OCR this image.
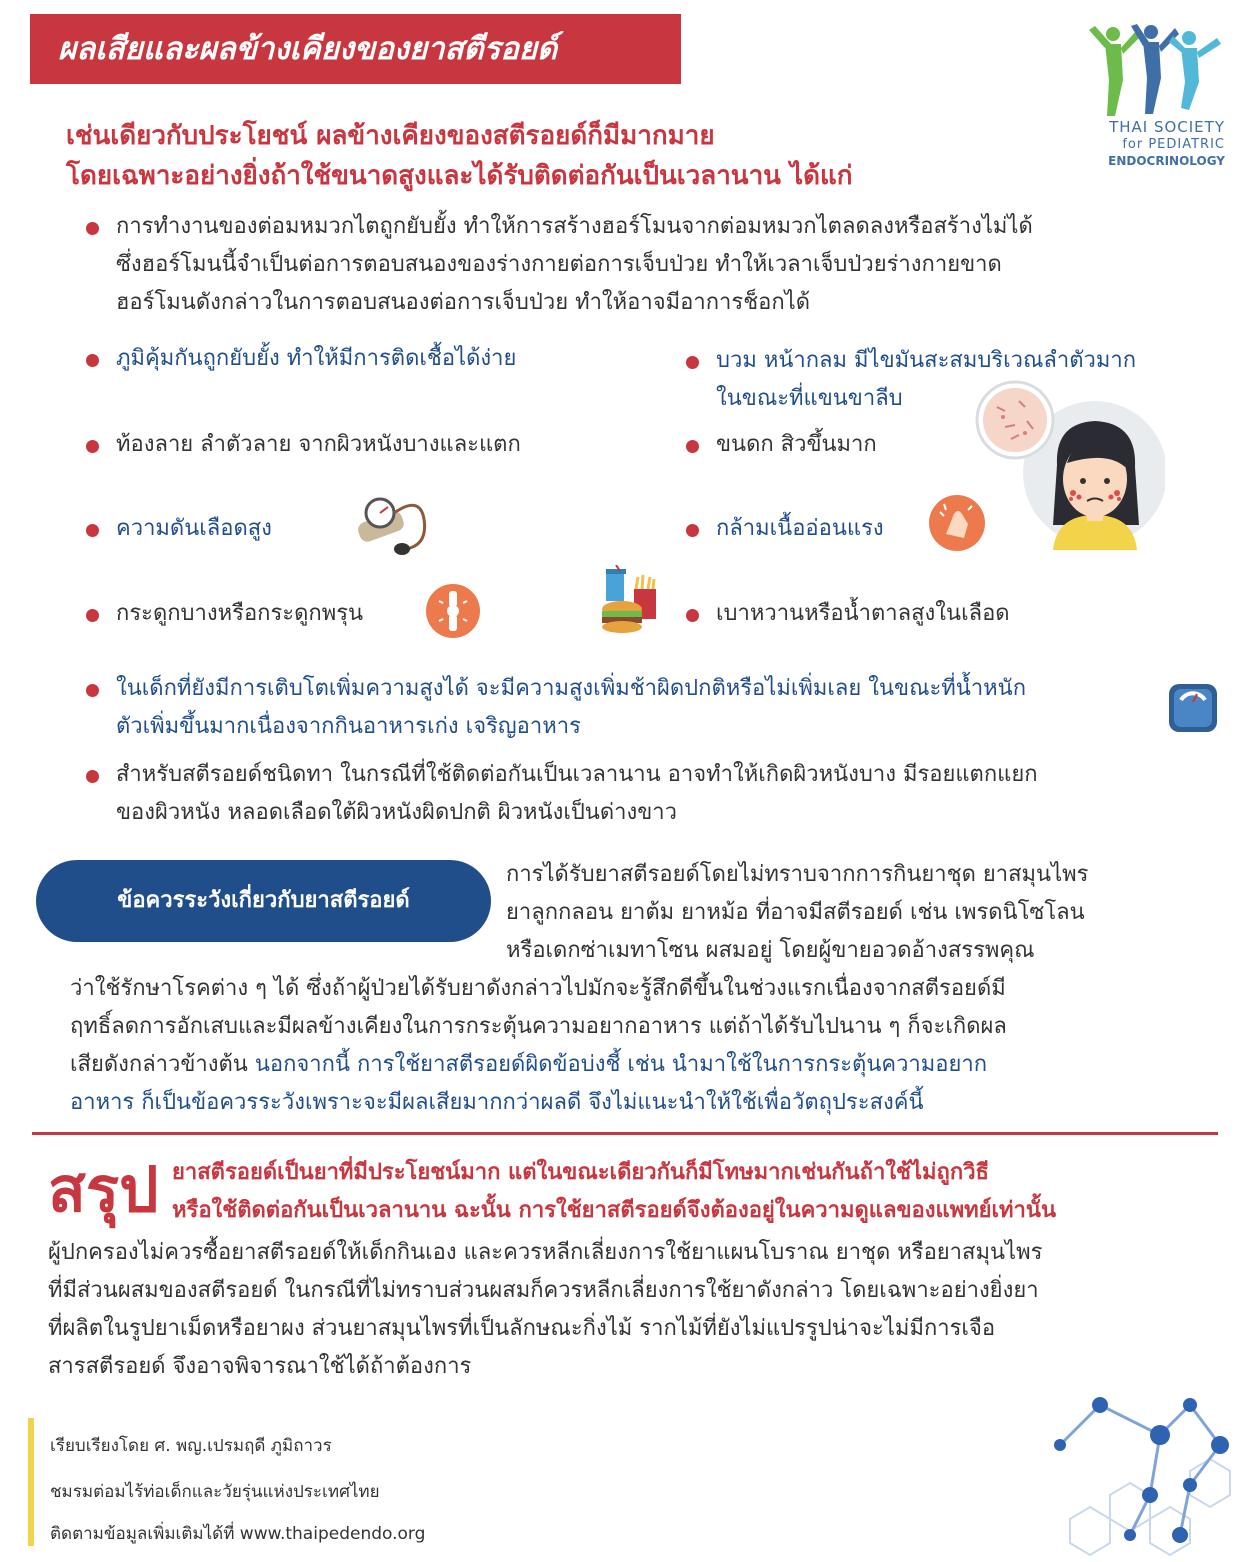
ผลเสียและผลข้างเคียงของยาสตีรอยด์
THAI SOCIETY
for PEDIATRIC
ENDOCRINOLOGY
เช่นเดียวกับประโยชน์ ผลข้างเคียงของสตีรอยด์ก็มีมากมาย
โดยเฉพาะอย่างยิ่งถ้าใช้ขนาดสูงและได้รับติดต่อกันเป็นเวลานาน ได้แก่
การทำงานของต่อมหมวกไตถูกยับยั้ง ทำให้การสร้างฮอร์โมนจากต่อมหมวกไตลดลงหรือสร้างไม่ได้
ซึ่งฮอร์โมนนี้จำเป็นต่อการตอบสนองของร่างกายต่อการเจ็บป่วย ทำให้เวลาเจ็บป่วยร่างกายขาด
ฮอร์โมนดังกล่าวในการตอบสนองต่อการเจ็บป่วย ทำให้อาจมีอาการช็อกได้
ภูมิคุ้มกันถูกยับยั้ง ทำให้มีการติดเชื้อได้ง่าย	บวม หน้ากลม มีไขมันสะสมบริเวณลำตัวมาก
ในขณะที่แขนขาลีบ
ท้องลาย ลำตัวลาย จากผิวหนังบางและแตก	ขนดก สิวขึ้นมาก
ความดันเลือดสูง	กล้ามเนื้ออ่อนแรง
กระดูกบางหรือกระดูกพรุน	เบาหวานหรือน้ำตาลสูงในเลือด
ในเด็กที่ยังมีการเติบโตเพิ่มความสูงได้ จะมีความสูงเพิ่มช้าผิดปกติหรือไม่เพิ่มเลย ในขณะที่น้ำหนัก
ตัวเพิ่มขึ้นมากเนื่องจากกินอาหารเก่ง เจริญอาหาร
สำหรับสตีรอยด์ชนิดทา ในกรณีที่ใช้ติดต่อกันเป็นเวลานาน อาจทำให้เกิดผิวหนังบาง มีรอยแตกแยก
ของผิวหนัง หลอดเลือดใต้ผิวหนังผิดปกติ ผิวหนังเป็นด่างขาว
ข้อควรระวังเกี่ยวกับยาสตีรอยด์
การได้รับยาสตีรอยด์โดยไม่ทราบจากการกินยาชุด ยาสมุนไพร
ยาลูกกลอน ยาต้ม ยาหม้อ ที่อาจมีสตีรอยด์ เช่น เพรดนิโซโลน
หรือเดกซ่าเมทาโซน ผสมอยู่ โดยผู้ขายอวดอ้างสรรพคุณ
ว่าใช้รักษาโรคต่าง ๆ ได้ ซึ่งถ้าผู้ป่วยได้รับยาดังกล่าวไปมักจะรู้สึกดีขึ้นในช่วงแรกเนื่องจากสตีรอยด์มี
ฤทธิ์ลดการอักเสบและมีผลข้างเคียงในการกระตุ้นความอยากอาหาร แต่ถ้าได้รับไปนาน ๆ ก็จะเกิดผล
เสียดังกล่าวข้างต้น นอกจากนี้ การใช้ยาสตีรอยด์ผิดข้อบ่งชี้ เช่น นำมาใช้ในการกระตุ้นความอยาก
อาหาร ก็เป็นข้อควรระวังเพราะจะมีผลเสียมากกว่าผลดี จึงไม่แนะนำให้ใช้เพื่อวัตถุประสงค์นี้
สรุป ยาสตีรอยด์เป็นยาที่มีประโยชน์มาก แต่ในขณะเดียวกันก็มีโทษมากเช่นกันถ้าใช้ไม่ถูกวิธี
หรือใช้ติดต่อกันเป็นเวลานาน ฉะนั้น การใช้ยาสตีรอยด์จึงต้องอยู่ในความดูแลของแพทย์เท่านั้น
ผู้ปกครองไม่ควรซื้อยาสตีรอยด์ให้เด็กกินเอง และควรหลีกเลี่ยงการใช้ยาแผนโบราณ ยาชุด หรือยาสมุนไพร
ที่มีส่วนผสมของสตีรอยด์ ในกรณีที่ไม่ทราบส่วนผสมก็ควรหลีกเลี่ยงการใช้ยาดังกล่าว โดยเฉพาะอย่างยิ่งยา
ที่ผลิตในรูปยาเม็ดหรือยาผง ส่วนยาสมุนไพรที่เป็นลักษณะกิ่งไม้ รากไม้ที่ยังไม่แปรรูปน่าจะไม่มีการเจือ
สารสตีรอยด์ จึงอาจพิจารณาใช้ได้ถ้าต้องการ
เรียบเรียงโดย ศ. พญ.เปรมฤดี ภูมิถาวร
ชมรมต่อมไร้ท่อเด็กและวัยรุ่นแห่งประเทศไทย
ติดตามข้อมูลเพิ่มเติมได้ที่ www.thaipedendo.org
